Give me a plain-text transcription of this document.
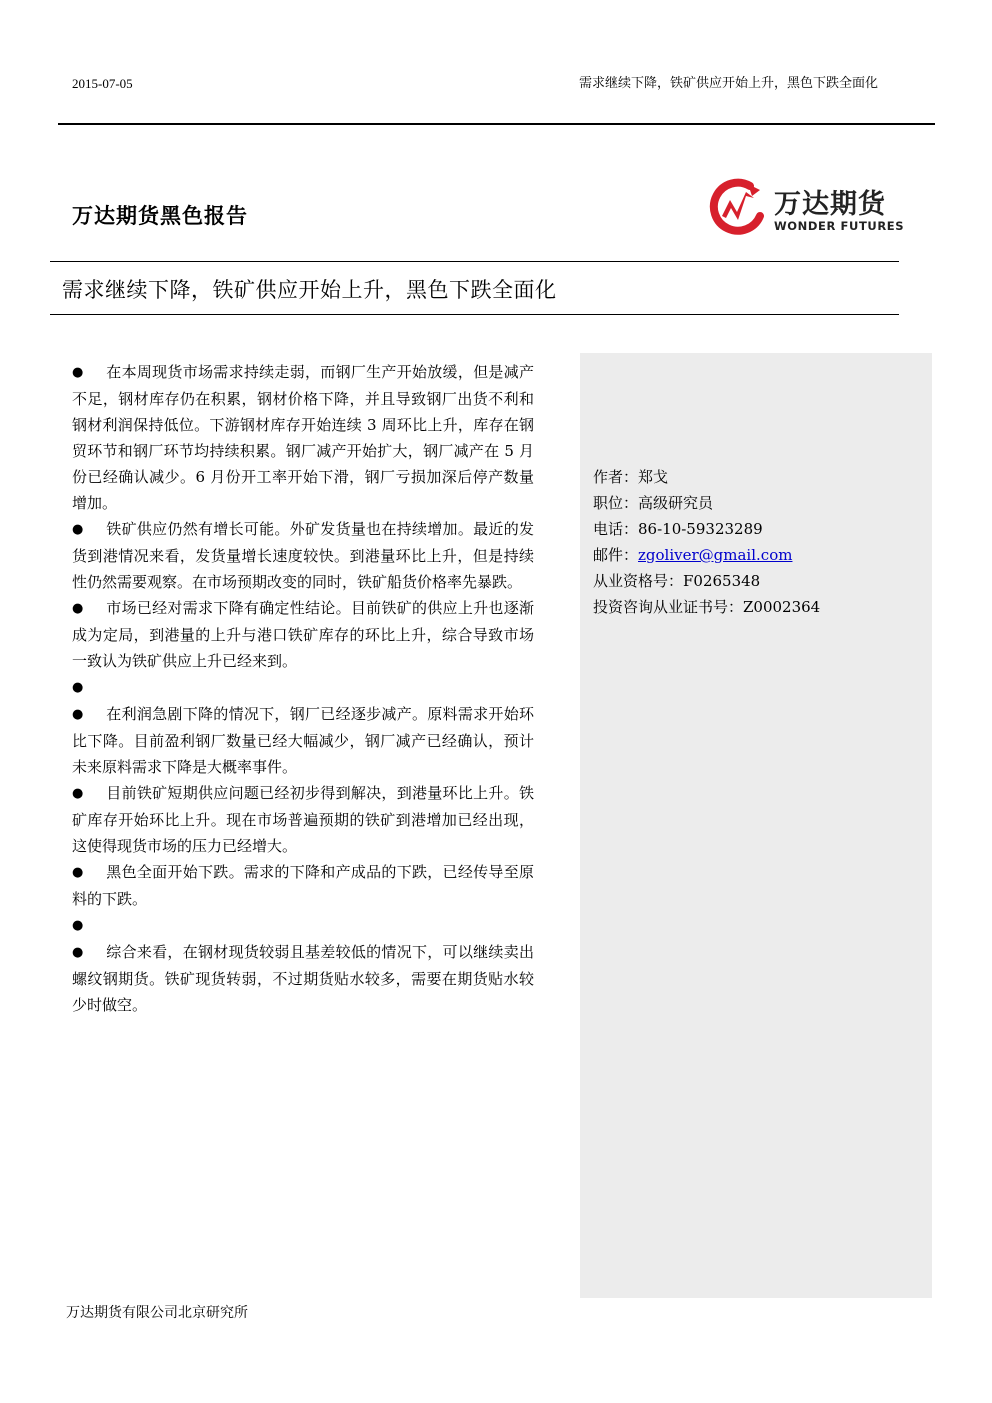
2015-07-05	需求继续下降，铁矿供应开始上升，黑色下跌全面化
万达期货黑色报告	万达期货
WONDER FUTURES
需求继续下降，铁矿供应开始上升，黑色下跌全面化
● 在本周现货市场需求持续走弱，而钢厂生产开始放缓，但是减产不足，钢材库存仍在积累，钢材价格下降，并且导致钢厂出货不利和钢材利润保持低位。下游钢材库存开始连续 3 周环比上升，库存在钢贸环节和钢厂环节均持续积累。钢厂减产开始扩大，钢厂减产在 5 月份已经确认减少。6 月份开工率开始下滑，钢厂亏损加深后停产数量增加。
● 铁矿供应仍然有增长可能。外矿发货量也在持续增加。最近的发货到港情况来看，发货量增长速度较快。到港量环比上升，但是持续性仍然需要观察。在市场预期改变的同时，铁矿船货价格率先暴跌。
● 市场已经对需求下降有确定性结论。目前铁矿的供应上升也逐渐成为定局，到港量的上升与港口铁矿库存的环比上升，综合导致市场一致认为铁矿供应上升已经来到。
●
● 在利润急剧下降的情况下，钢厂已经逐步减产。原料需求开始环比下降。目前盈利钢厂数量已经大幅减少，钢厂减产已经确认，预计未来原料需求下降是大概率事件。
● 目前铁矿短期供应问题已经初步得到解决，到港量环比上升。铁矿库存开始环比上升。现在市场普遍预期的铁矿到港增加已经出现，这使得现货市场的压力已经增大。
● 黑色全面开始下跌。需求的下降和产成品的下跌，已经传导至原料的下跌。
●
● 综合来看，在钢材现货较弱且基差较低的情况下，可以继续卖出螺纹钢期货。铁矿现货转弱，不过期货贴水较多，需要在期货贴水较少时做空。
作者：郑戈
职位：高级研究员
电话：86-10-59323289
邮件：zgoliver@gmail.com
从业资格号：F0265348
投资咨询从业证书号：Z0002364
万达期货有限公司北京研究所
